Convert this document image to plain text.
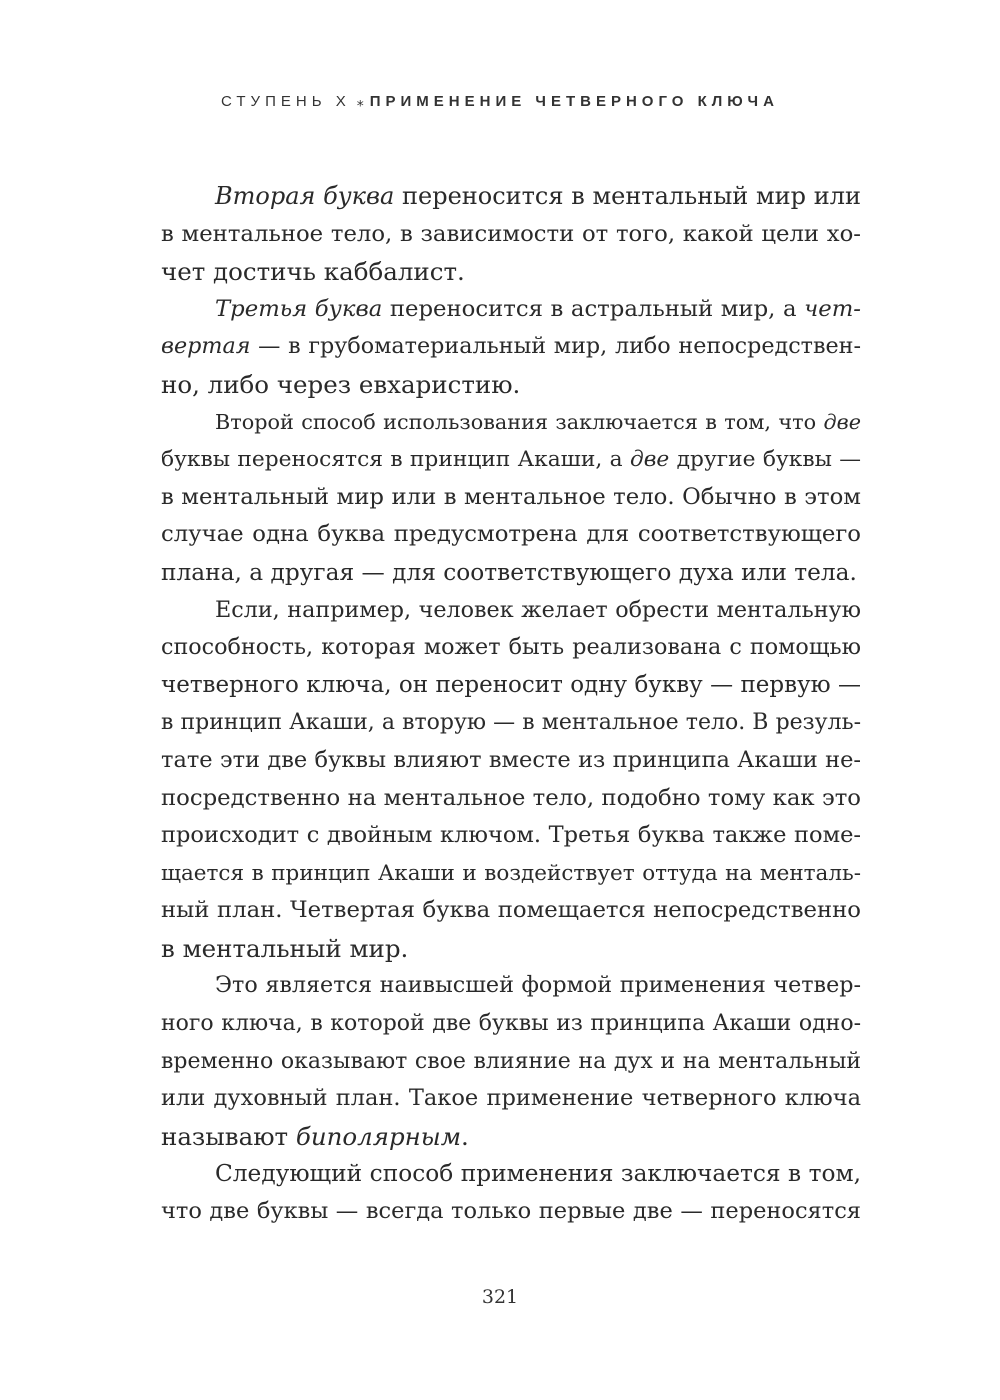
СТУПЕНЬ X ⁎ ПРИМЕНЕНИЕ ЧЕТВЕРНОГО КЛЮЧА
Вторая буква переносится в ментальный мир или
в ментальное тело, в зависимости от того, какой цели хо-
чет достичь каббалист.
Третья буква переносится в астральный мир, а чет-
вертая — в грубоматериальный мир, либо непосредствен-
но, либо через евхаристию.
Второй способ использования заключается в том, что две
буквы переносятся в принцип Акаши, а две другие буквы —
в ментальный мир или в ментальное тело. Обычно в этом
случае одна буква предусмотрена для соответствующего
плана, а другая — для соответствующего духа или тела.
Если, например, человек желает обрести ментальную
способность, которая может быть реализована с помощью
четверного ключа, он переносит одну букву — первую —
в принцип Акаши, а вторую — в ментальное тело. В резуль-
тате эти две буквы влияют вместе из принципа Акаши не-
посредственно на ментальное тело, подобно тому как это
происходит с двойным ключом. Третья буква также поме-
щается в принцип Акаши и воздействует оттуда на менталь-
ный план. Четвертая буква помещается непосредственно
в ментальный мир.
Это является наивысшей формой применения четвер-
ного ключа, в которой две буквы из принципа Акаши одно-
временно оказывают свое влияние на дух и на ментальный
или духовный план. Такое применение четверного ключа
называют биполярным.
Следующий способ применения заключается в том,
что две буквы — всегда только первые две — переносятся
321
